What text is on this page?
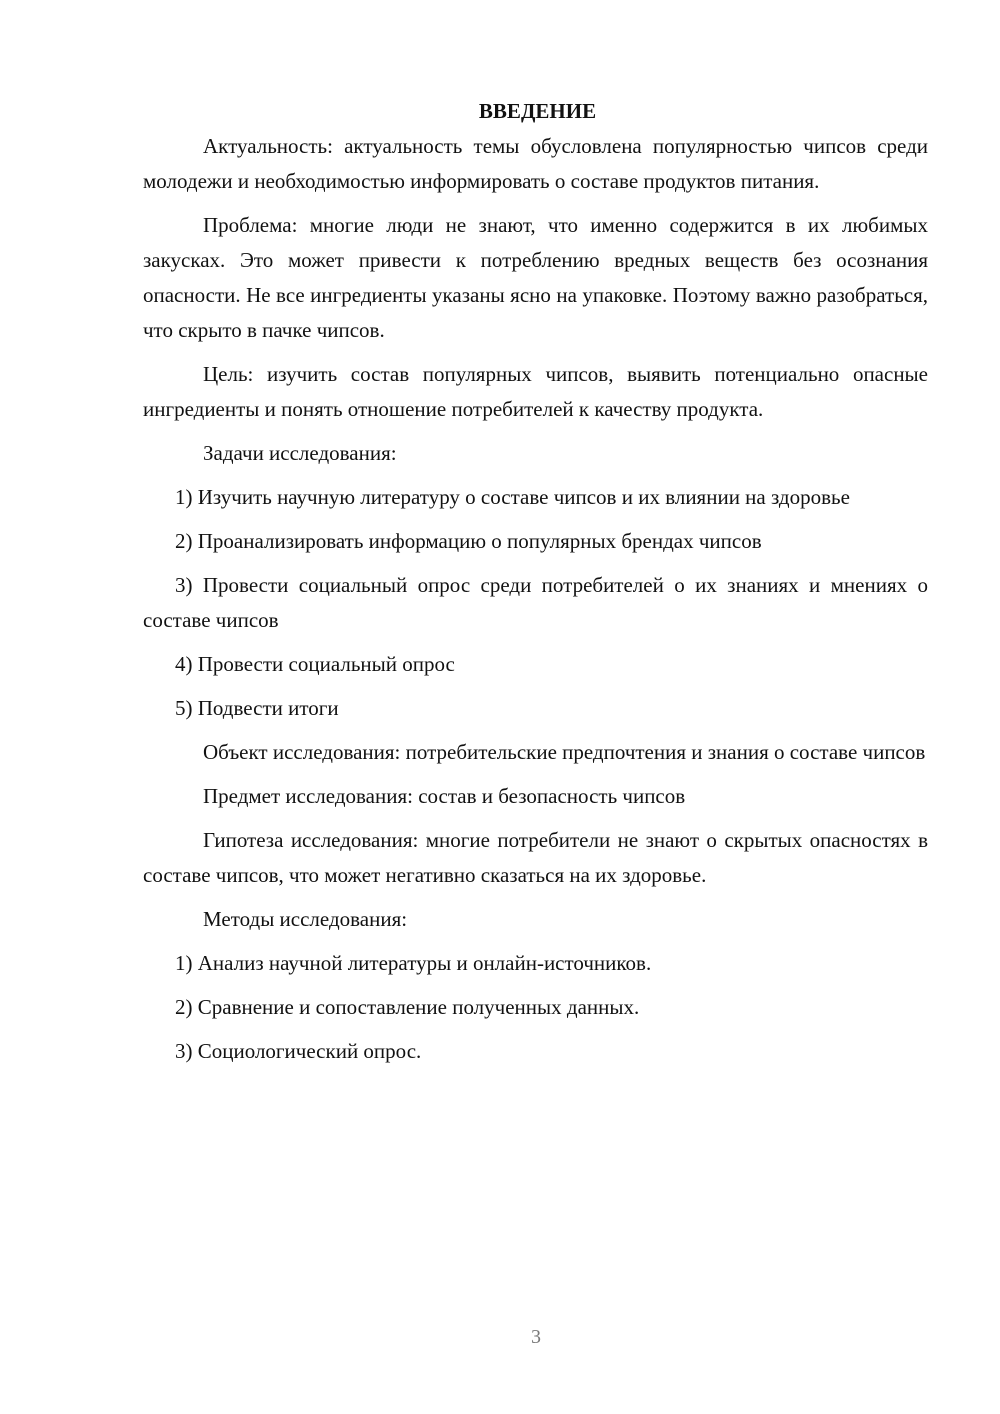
ВВЕДЕНИЕ

Актуальность: актуальность темы обусловлена популярностью чипсов среди молодежи и необходимостью информировать о составе продуктов питания.

Проблема: многие люди не знают, что именно содержится в их любимых закусках. Это может привести к потреблению вредных веществ без осознания опасности. Не все ингредиенты указаны ясно на упаковке. Поэтому важно разобраться, что скрыто в пачке чипсов.

Цель: изучить состав популярных чипсов, выявить потенциально опасные ингредиенты и понять отношение потребителей к качеству продукта.

Задачи исследования:

1) Изучить научную литературу о составе чипсов и их влиянии на здоровье

2) Проанализировать информацию о популярных брендах чипсов

3) Провести социальный опрос среди потребителей о их знаниях и мнениях о составе чипсов

4) Провести социальный опрос

5) Подвести итоги

Объект исследования: потребительские предпочтения и знания о составе чипсов

Предмет исследования: состав и безопасность чипсов

Гипотеза исследования: многие потребители не знают о скрытых опасностях в составе чипсов, что может негативно сказаться на их здоровье.

Методы исследования:

1) Анализ научной литературы и онлайн-источников.

2) Сравнение и сопоставление полученных данных.

3) Социологический опрос.

3
